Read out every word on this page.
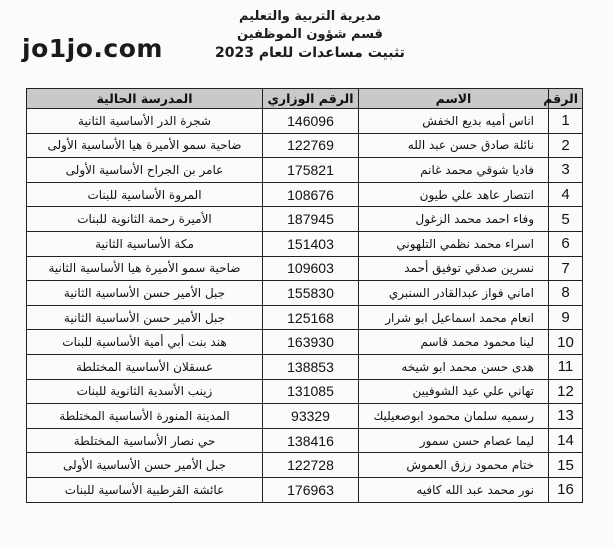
jo1jo.com
مديرية التربية والتعليم
قسم شؤون الموظفين
تثبيت مساعدات للعام 2023
الرقم	الاسم	الرقم الوزاري	المدرسة الحالية
1	اناس أميه بديع الخفش	146096	شجرة الدر الأساسية الثانية
2	نائلة صادق حسن عبد الله	122769	ضاحية سمو الأميرة هيا الأساسية الأولى
3	فاديا شوقي محمد غانم	175821	عامر بن الجراح الأساسية الأولى
4	انتصار عاهد علي طيون	108676	المروة الأساسية للبنات
5	وفاء احمد محمد الزغول	187945	الأميرة رحمة الثانوية للبنات
6	اسراء محمد نظمي التلهوني	151403	مكة الأساسية الثانية
7	نسرين صدقي توفيق أحمد	109603	ضاحية سمو الأميرة هيا الأساسية الثانية
8	اماني فواز عبدالقادر السنبري	155830	جبل الأمير حسن الأساسية الثانية
9	انعام محمد اسماعيل ابو شرار	125168	جبل الأمير حسن الأساسية الثانية
10	لينا محمود محمد قاسم	163930	هند بنت أبي أمية الأساسية للبنات
11	هدى حسن محمد ابو شيخه	138853	عسقلان الأساسية المختلطة
12	تهاني علي عيد الشوفيين	131085	زينب الأسدية الثانوية للبنات
13	رسميه سلمان محمود ابوصعيليك	93329	المدينة المنورة الأساسية المختلطة
14	ليما عصام حسن سمور	138416	حي نصار الأساسية المختلطة
15	ختام محمود رزق العموش	122728	جبل الأمير حسن الأساسية الأولى
16	نور محمد عبد الله كافيه	176963	عائشة القرطبية الأساسية للبنات
